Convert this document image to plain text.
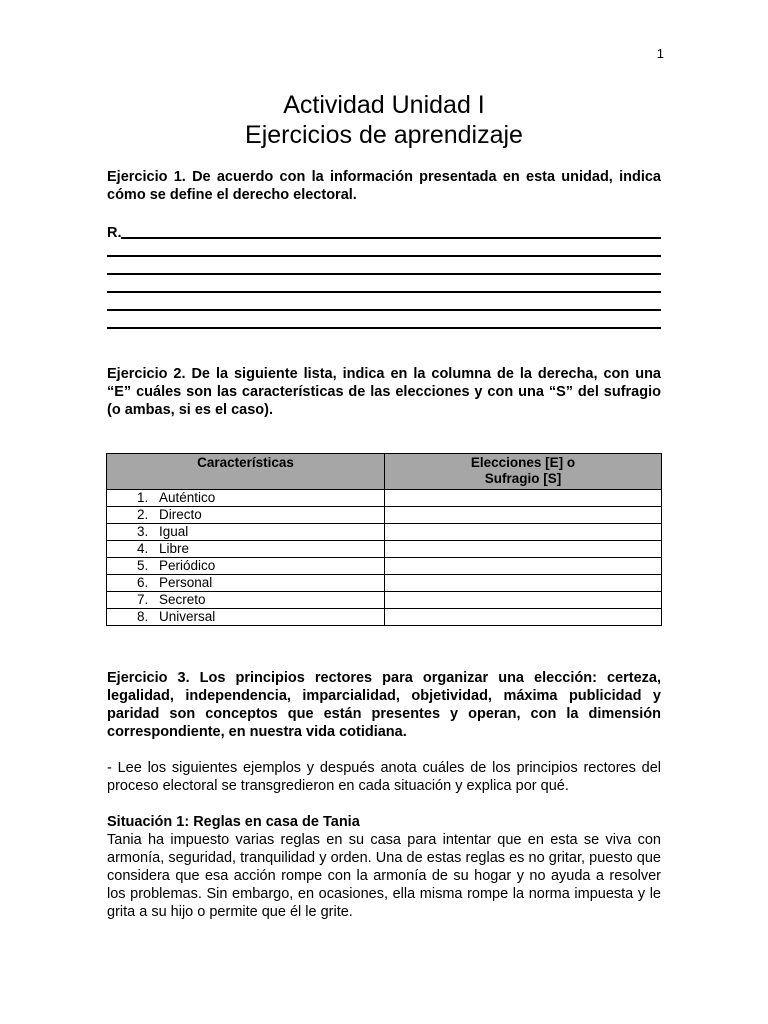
1
Actividad Unidad I
Ejercicios de aprendizaje
Ejercicio 1. De acuerdo con la información presentada en esta unidad, indica cómo se define el derecho electoral.
R.
Ejercicio 2. De la siguiente lista, indica en la columna de la derecha, con una “E” cuáles son las características de las elecciones y con una “S” del sufragio (o ambas, si es el caso).
Características	Elecciones [E] o
Sufragio [S]

1. Auténtico	
2. Directo	
3. Igual	
4. Libre	
5. Periódico	
6. Personal	
7. Secreto	
8. Universal	
Ejercicio 3. Los principios rectores para organizar una elección: certeza, legalidad, independencia, imparcialidad, objetividad, máxima publicidad y paridad son conceptos que están presentes y operan, con la dimensión correspondiente, en nuestra vida cotidiana.
- Lee los siguientes ejemplos y después anota cuáles de los principios rectores del proceso electoral se transgredieron en cada situación y explica por qué.
Situación 1: Reglas en casa de Tania
Tania ha impuesto varias reglas en su casa para intentar que en esta se viva con armonía, seguridad, tranquilidad y orden. Una de estas reglas es no gritar, puesto que considera que esa acción rompe con la armonía de su hogar y no ayuda a resolver los problemas. Sin embargo, en ocasiones, ella misma rompe la norma impuesta y le grita a su hijo o permite que él le grite.
